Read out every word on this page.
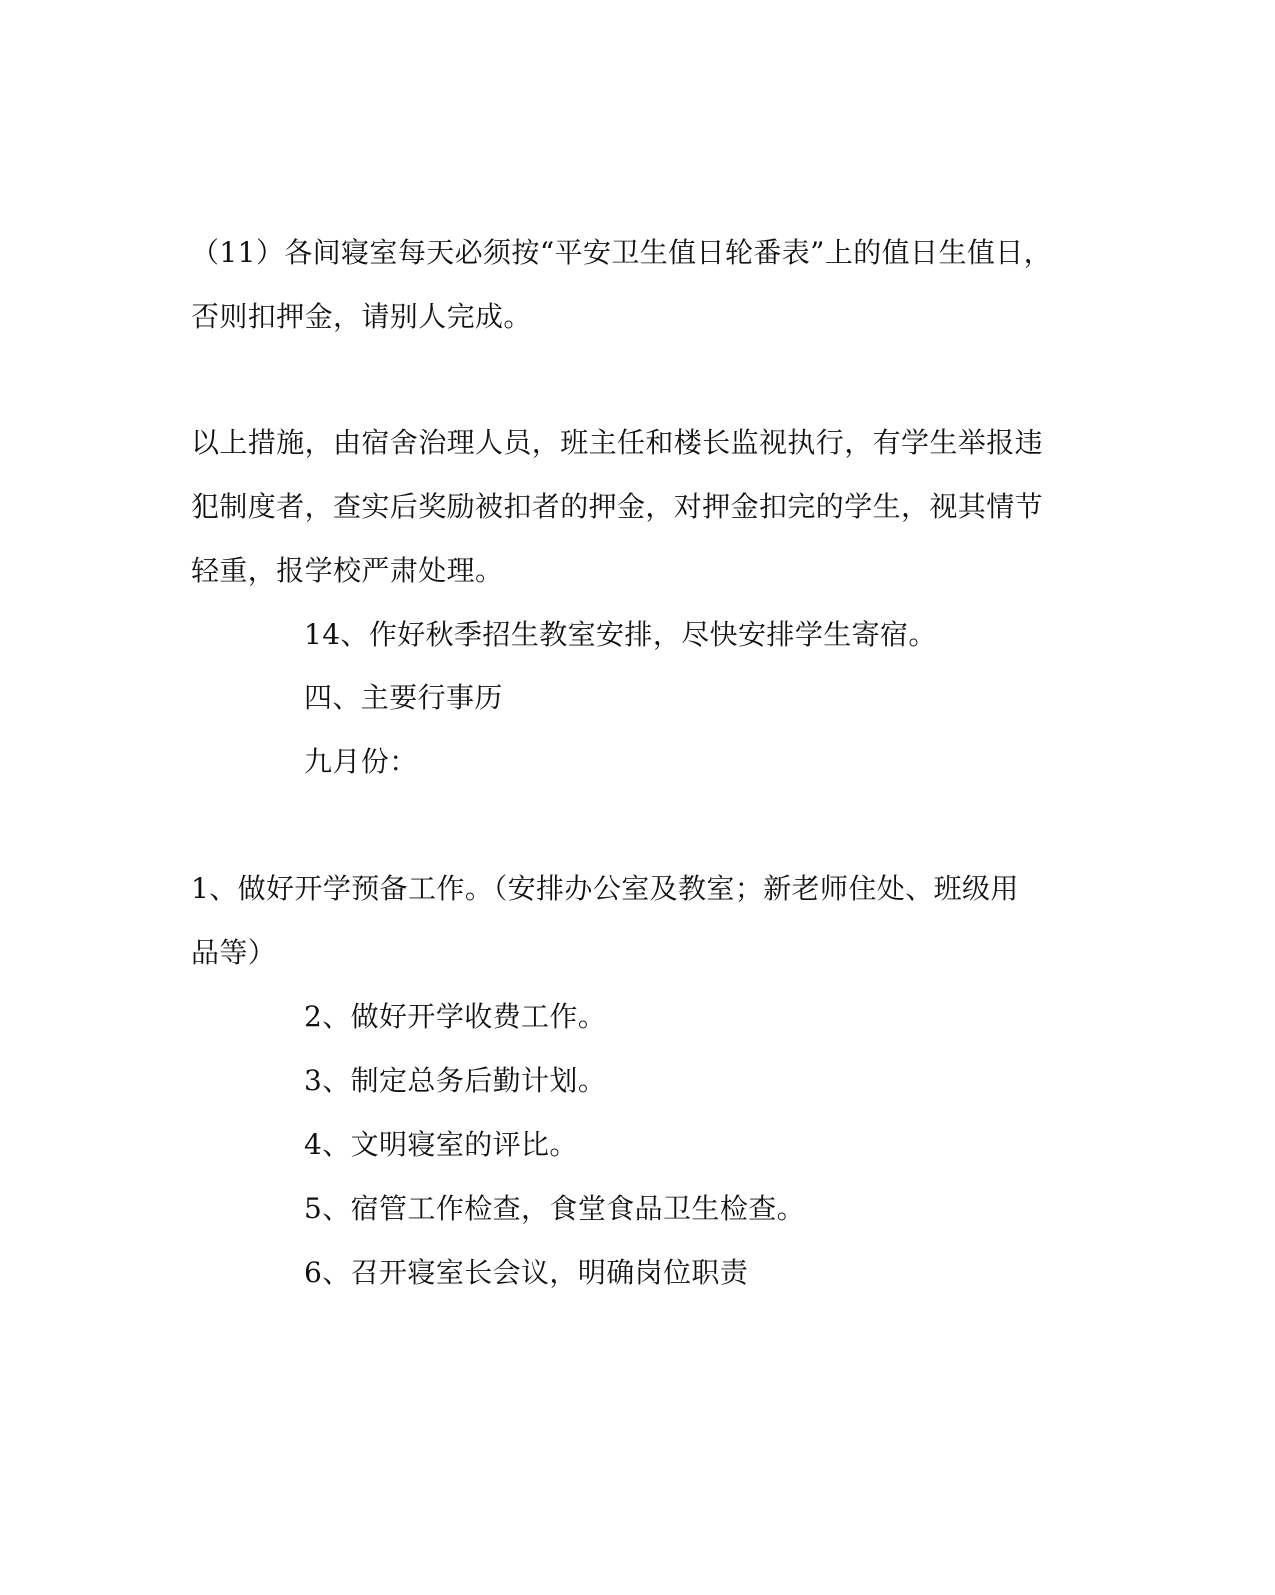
（11）各间寝室每天必须按“平安卫生值日轮番表”上的值日生值日，
否则扣押金，请别人完成。
以上措施，由宿舍治理人员，班主任和楼长监视执行，有学生举报违
犯制度者，查实后奖励被扣者的押金，对押金扣完的学生，视其情节
轻重，报学校严肃处理。
14、作好秋季招生教室安排，尽快安排学生寄宿。
四、主要行事历
九月份：
1、做好开学预备工作。（安排办公室及教室；新老师住处、班级用
品等）
2、做好开学收费工作。
3、制定总务后勤计划。
4、文明寝室的评比。
5、宿管工作检查，食堂食品卫生检查。
6、召开寝室长会议，明确岗位职责
